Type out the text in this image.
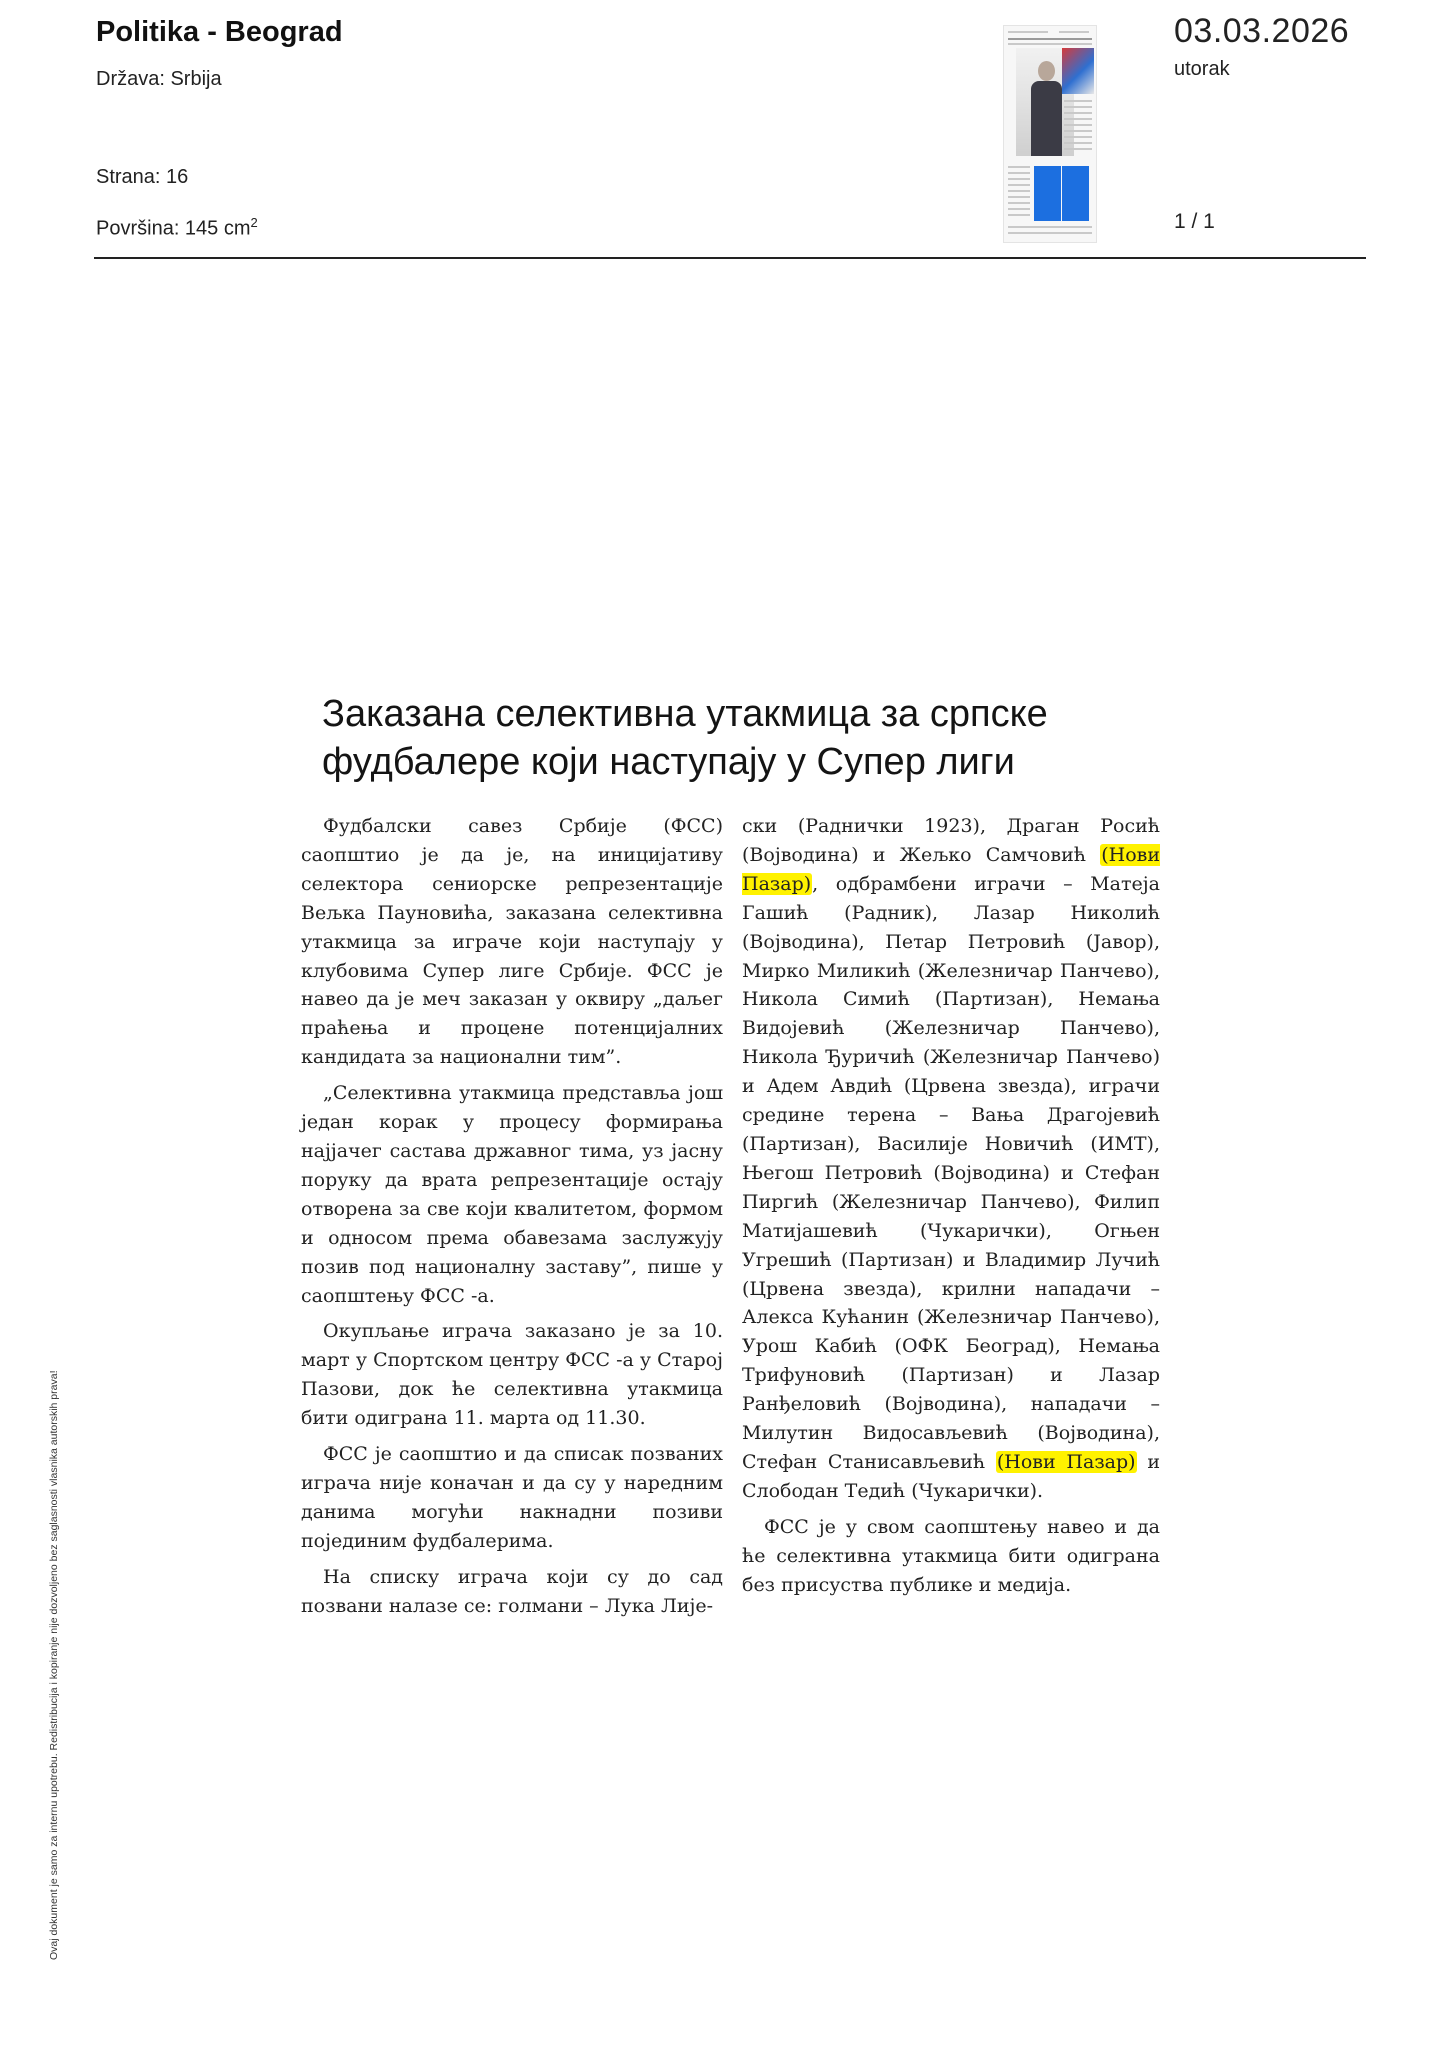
Politika - Beograd
Država: Srbija
Strana: 16
Površina: 145 $cm^2$
03.03.2026
utorak
1 / 1
Заказана селективна утакмица за српске фудбалере који наступају у Супер лиги

Фудбалски савез Србије (ФСС) саопштио је да је, на иницијативу селектора сениорске репрезентације Вељка Пауновића, заказана селективна утакмица за играче који наступају у клубовима Супер лиге Србије. ФСС је навео да је меч заказан у оквиру „даљег праћења и процене потенцијалних кандидата за национални тим”.

„Селективна утакмица представља још један корак у процесу формирања најјачег састава државног тима, уз јасну поруку да врата репрезентације остају отворена за све који квалитетом, формом и односом према обавезама заслужују позив под националну заставу”, пише у саопштењу ФСС -а.

Окупљање играча заказано је за 10. март у Спортском центру ФСС -а у Старој Пазови, док ће селективна утакмица бити одиграна 11. марта од 11.30.

ФСС је саопштио и да списак позваних играча није коначан и да су у наредним данима могући накнадни позиви појединим фудбалерима.

На списку играча који су до сад позвани налазе се: голмани – Лука Лије-

ски (Раднички 1923), Драган Росић (Војводина) и Жељко Самчовић (Нови Пазар), одбрамбени играчи – Матеја Гашић (Радник), Лазар Николић (Војводина), Петар Петровић (Јавор), Мирко Миликић (Железничар Панчево), Никола Симић (Партизан), Немања Видојевић (Железничар Панчево), Никола Ђуричић (Железничар Панчево) и Адем Авдић (Црвена звезда), играчи средине терена – Вања Драгојевић (Партизан), Василије Новичић (ИМТ), Његош Петровић (Војводина) и Стефан Пиргић (Железничар Панчево), Филип Матијашевић (Чукарички), Огњен Угрешић (Партизан) и Владимир Лучић (Црвена звезда), крилни нападачи – Алекса Кућанин (Железничар Панчево), Урош Кабић (ОФК Београд), Немања Трифуновић (Партизан) и Лазар Ранђеловић (Војводина), нападачи – Милутин Видосављевић (Војводина), Стефан Станисављевић (Нови Пазар) и Слободан Тедић (Чукарички).

ФСС је у свом саопштењу навео и да ће селективна утакмица бити одиграна без присуства публике и медија.

Ovaj dokument je samo za internu upotrebu. Redistribucija i kopiranje nije dozvoljeno bez saglasnosti vlasnika autorskih prava!
